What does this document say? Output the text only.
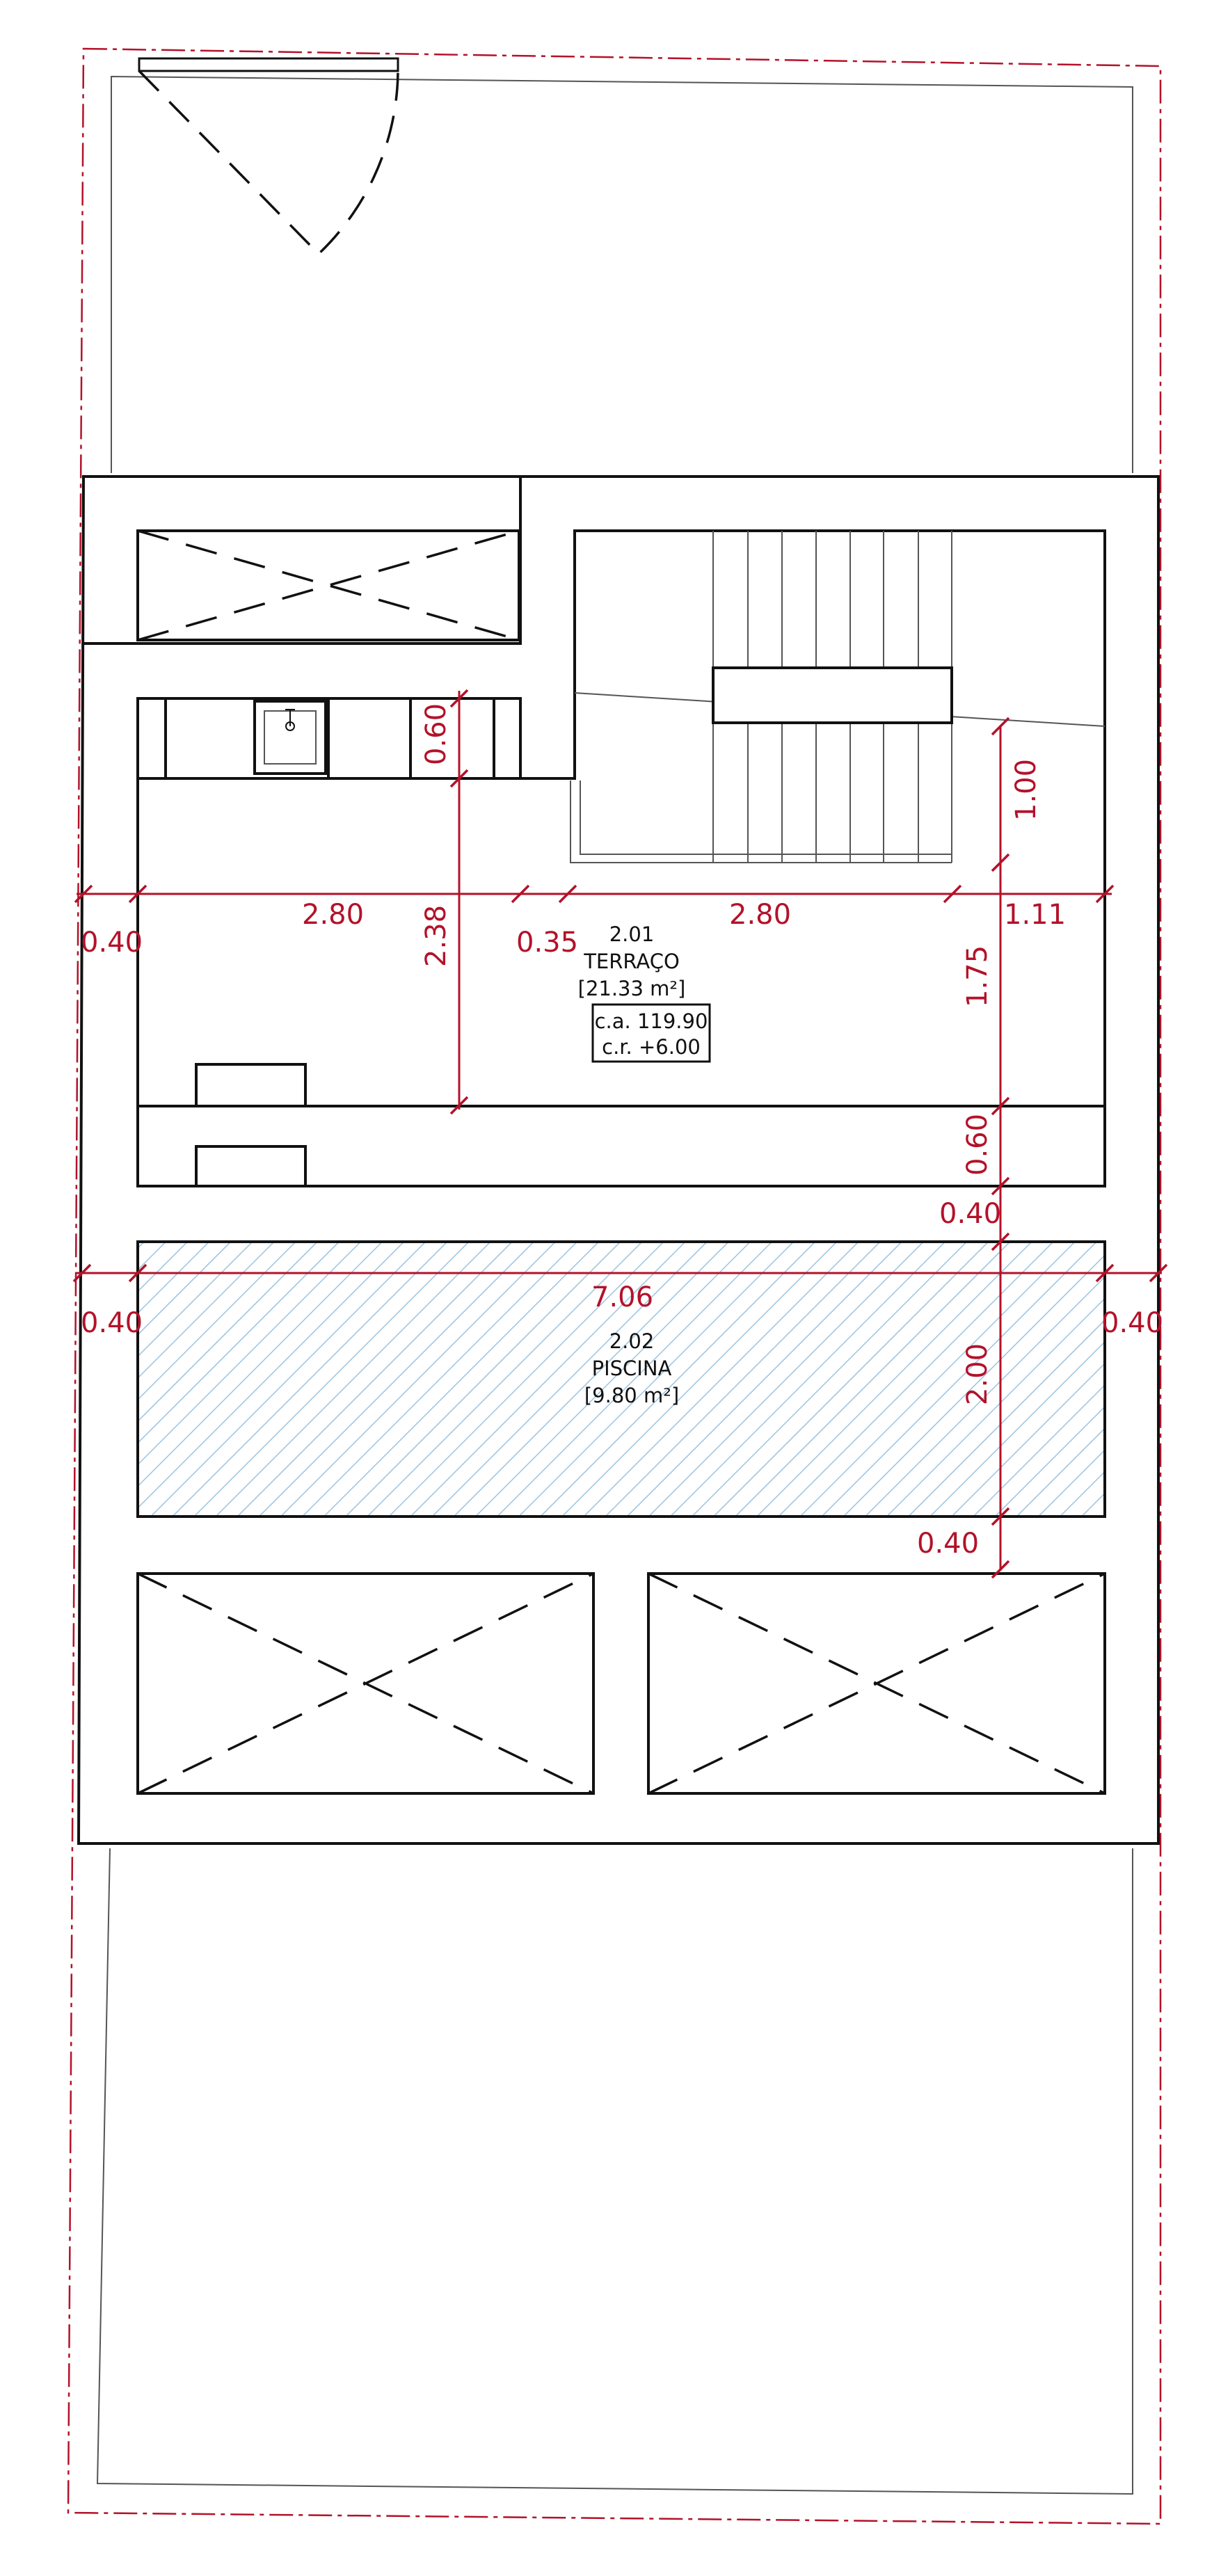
0.40
2.80
0.35
2.80	1.11
0.60
2.38
1.00
1.75
0.60
0.40
7.06
0.40	0.40
2.00
0.40
2.01
TERRAÇO
[21.33 m²]
c.a. 119.90
c.r. +6.00
2.02
PISCINA
[9.80 m²]
